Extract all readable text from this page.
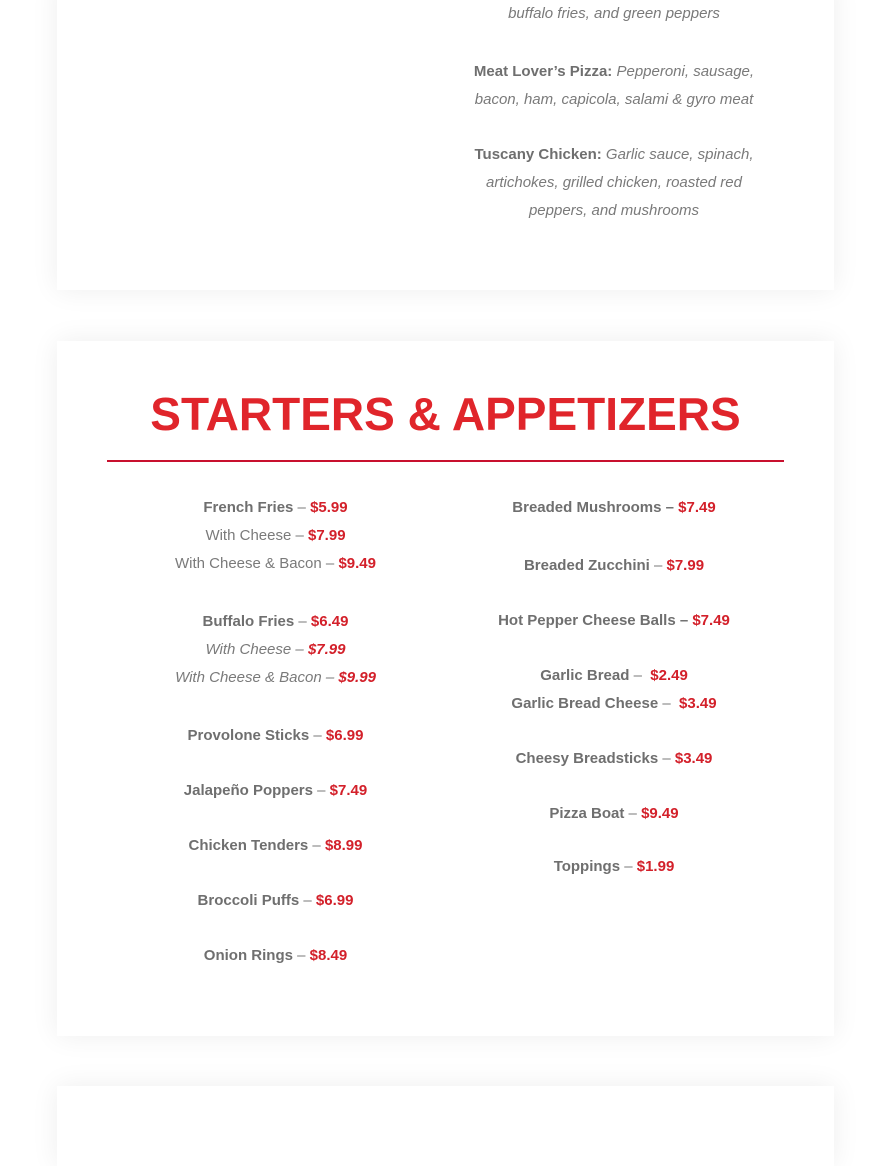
buffalo fries, and green peppers
Meat Lover’s Pizza: Pepperoni, sausage, bacon, ham, capicola, salami & gyro meat
Tuscany Chicken: Garlic sauce, spinach, artichokes, grilled chicken, roasted red peppers, and mushrooms
STARTERS & APPETIZERS
French Fries – $5.99
With Cheese – $7.99
With Cheese & Bacon – $9.49
Buffalo Fries – $6.49
With Cheese – $7.99
With Cheese & Bacon – $9.99
Provolone Sticks – $6.99
Jalapeño Poppers – $7.49
Chicken Tenders – $8.99
Broccoli Puffs – $6.99
Onion Rings – $8.49
Breaded Mushrooms – $7.49
Breaded Zucchini – $7.99
Hot Pepper Cheese Balls – $7.49
Garlic Bread –  $2.49
Garlic Bread Cheese –  $3.49
Cheesy Breadsticks – $3.49
Pizza Boat – $9.49
Toppings – $1.99
